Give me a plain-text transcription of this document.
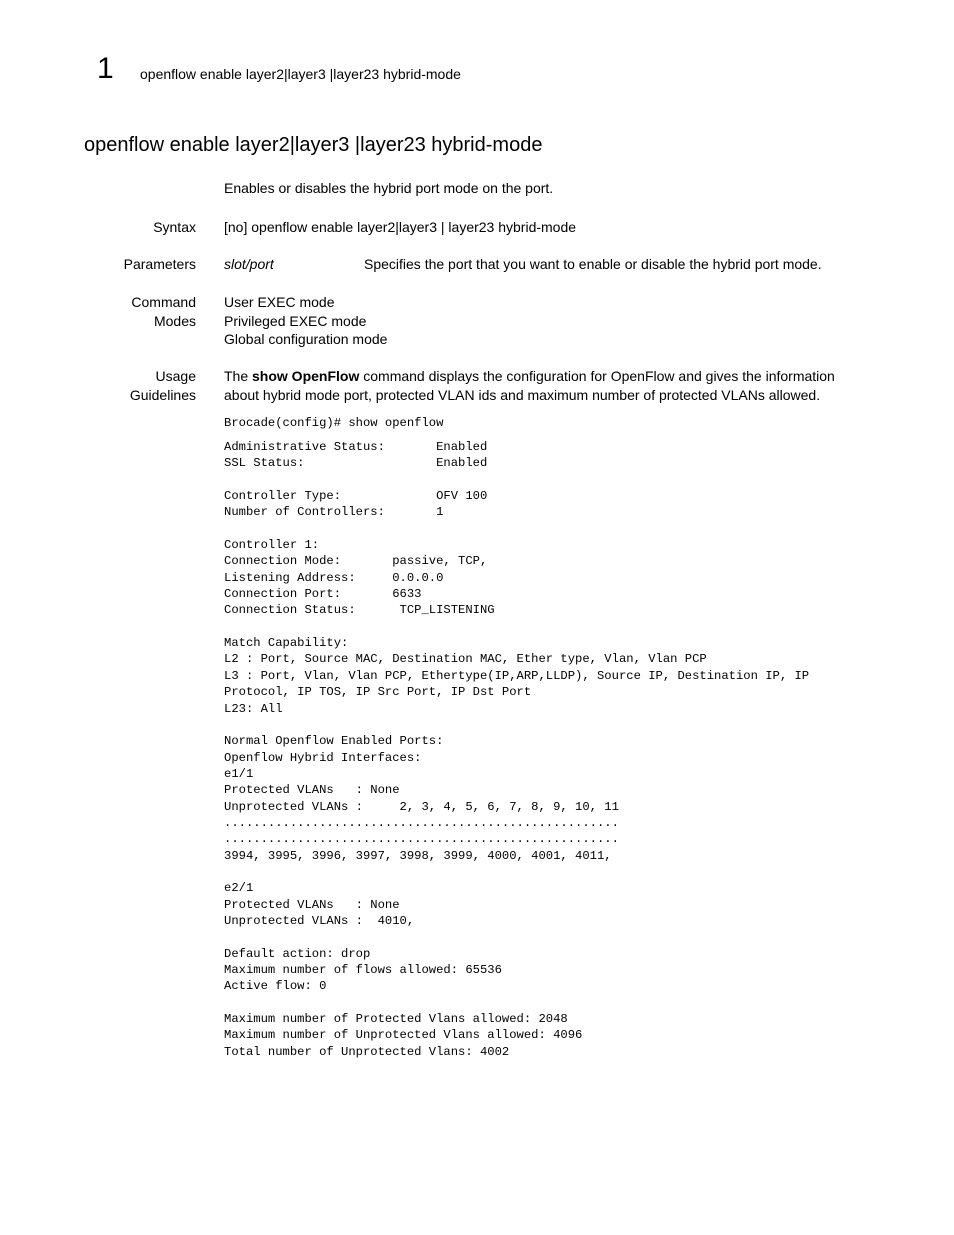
1 openflow enable layer2|layer3 |layer23 hybrid-mode
openflow enable layer2|layer3 |layer23 hybrid-mode
Enables or disables the hybrid port mode on the port.
Syntax [no] openflow enable layer2|layer3 | layer23 hybrid-mode
Parameters slot/port	Specifies the port that you want to enable or disable the hybrid port mode.
Command
Modes
User EXEC mode
Privileged EXEC mode
Global configuration mode
Usage
Guidelines
The show OpenFlow command displays the configuration for OpenFlow and gives the information about hybrid mode port, protected VLAN ids and maximum number of protected VLANs allowed.
Brocade(config)# show openflow
Administrative Status:       Enabled
SSL Status:                  Enabled

Controller Type:             OFV 100
Number of Controllers:       1

Controller 1:
Connection Mode:       passive, TCP,
Listening Address:     0.0.0.0
Connection Port:       6633
Connection Status:      TCP_LISTENING

Match Capability:
L2 : Port, Source MAC, Destination MAC, Ether type, Vlan, Vlan PCP
L3 : Port, Vlan, Vlan PCP, Ethertype(IP,ARP,LLDP), Source IP, Destination IP, IP
Protocol, IP TOS, IP Src Port, IP Dst Port
L23: All

Normal Openflow Enabled Ports:
Openflow Hybrid Interfaces:
e1/1
Protected VLANs   : None
Unprotected VLANs :     2, 3, 4, 5, 6, 7, 8, 9, 10, 11
......................................................
......................................................
3994, 3995, 3996, 3997, 3998, 3999, 4000, 4001, 4011,

e2/1
Protected VLANs   : None
Unprotected VLANs :  4010,

Default action: drop
Maximum number of flows allowed: 65536
Active flow: 0

Maximum number of Protected Vlans allowed: 2048
Maximum number of Unprotected Vlans allowed: 4096
Total number of Unprotected Vlans: 4002
